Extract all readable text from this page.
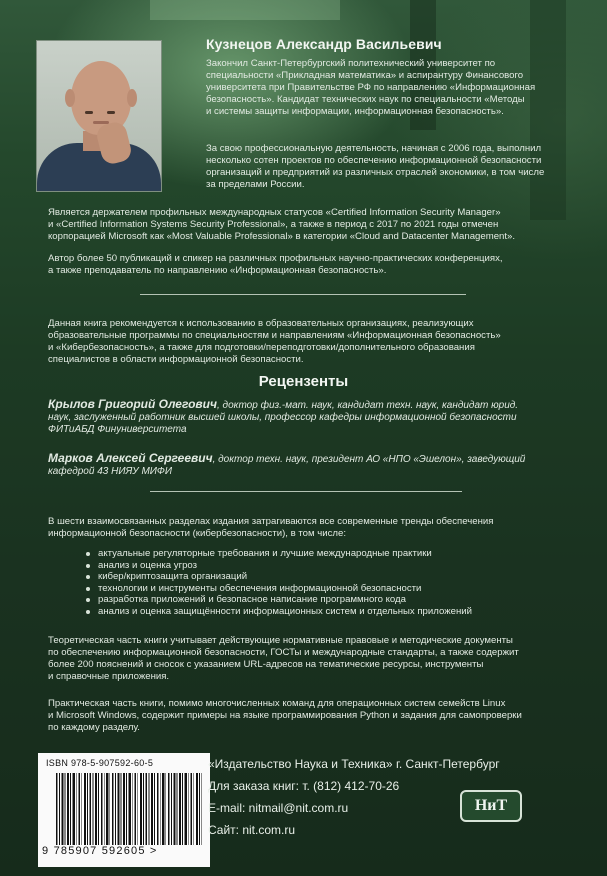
Кузнецов Александр Васильевич
Закончил Санкт-Петербургский политехнический университет по
специальности «Прикладная математика» и аспирантуру Финансового
университета при Правительстве РФ по направлению «Информационная
безопасность». Кандидат технических наук по специальности «Методы
и системы защиты информации, информационная безопасность».
За свою профессиональную деятельность, начиная с 2006 года, выполнил
несколько сотен проектов по обеспечению информационной безопасности
организаций и предприятий из различных отраслей экономики, в том числе
за пределами России.
Является держателем профильных международных статусов «Certified Information Security Manager»
и «Certified Information Systems Security Professional», а также в период с 2017 по 2021 годы отмечен
корпорацией Microsoft как «Most Valuable Professional» в категории «Cloud and Datacenter Management».
Автор более 50 публикаций и спикер на различных профильных научно-практических конференциях,
а также преподаватель по направлению «Информационная безопасность».
Данная книга рекомендуется к использованию в образовательных организациях, реализующих
образовательные программы по специальностям и направлениям «Информационная безопасность»
и «Кибербезопасность», а также для подготовки/переподготовки/дополнительного образования
специалистов в области информационной безопасности.
Рецензенты
Крылов Григорий Олегович, доктор физ.-мат. наук, кандидат техн. наук, кандидат юрид.
наук, заслуженный работник высшей школы, профессор кафедры информационной безопасности
ФИТиАБД Финуниверситета
Марков Алексей Сергеевич, доктор техн. наук, президент АО «НПО «Эшелон», заведующий
кафедрой 43 НИЯУ МИФИ
В шести взаимосвязанных разделах издания затрагиваются все современные тренды обеспечения
информационной безопасности (кибербезопасности), в том числе:
актуальные регуляторные требования и лучшие международные практики
анализ и оценка угроз
кибер/криптозащита организаций
технологии и инструменты обеспечения информационной безопасности
разработка приложений и безопасное написание программного кода
анализ и оценка защищённости информационных систем и отдельных приложений
Теоретическая часть книги учитывает действующие нормативные правовые и методические документы
по обеспечению информационной безопасности, ГОСТы и международные стандарты, а также содержит
более 200 пояснений и сносок с указанием URL-адресов на тематические ресурсы, инструменты
и справочные приложения.
Практическая часть книги, помимо многочисленных команд для операционных систем семейств Linux
и Microsoft Windows, содержит примеры на языке программирования Python и задания для самопроверки
по каждому разделу.
ISBN 978-5-907592-60-5
9 785907 592605 >
«Издательство Наука и Техника» г. Санкт-Петербург
Для заказа книг: т. (812) 412-70-26
E-mail: nitmail@nit.com.ru
Сайт: nit.com.ru
НиТ
